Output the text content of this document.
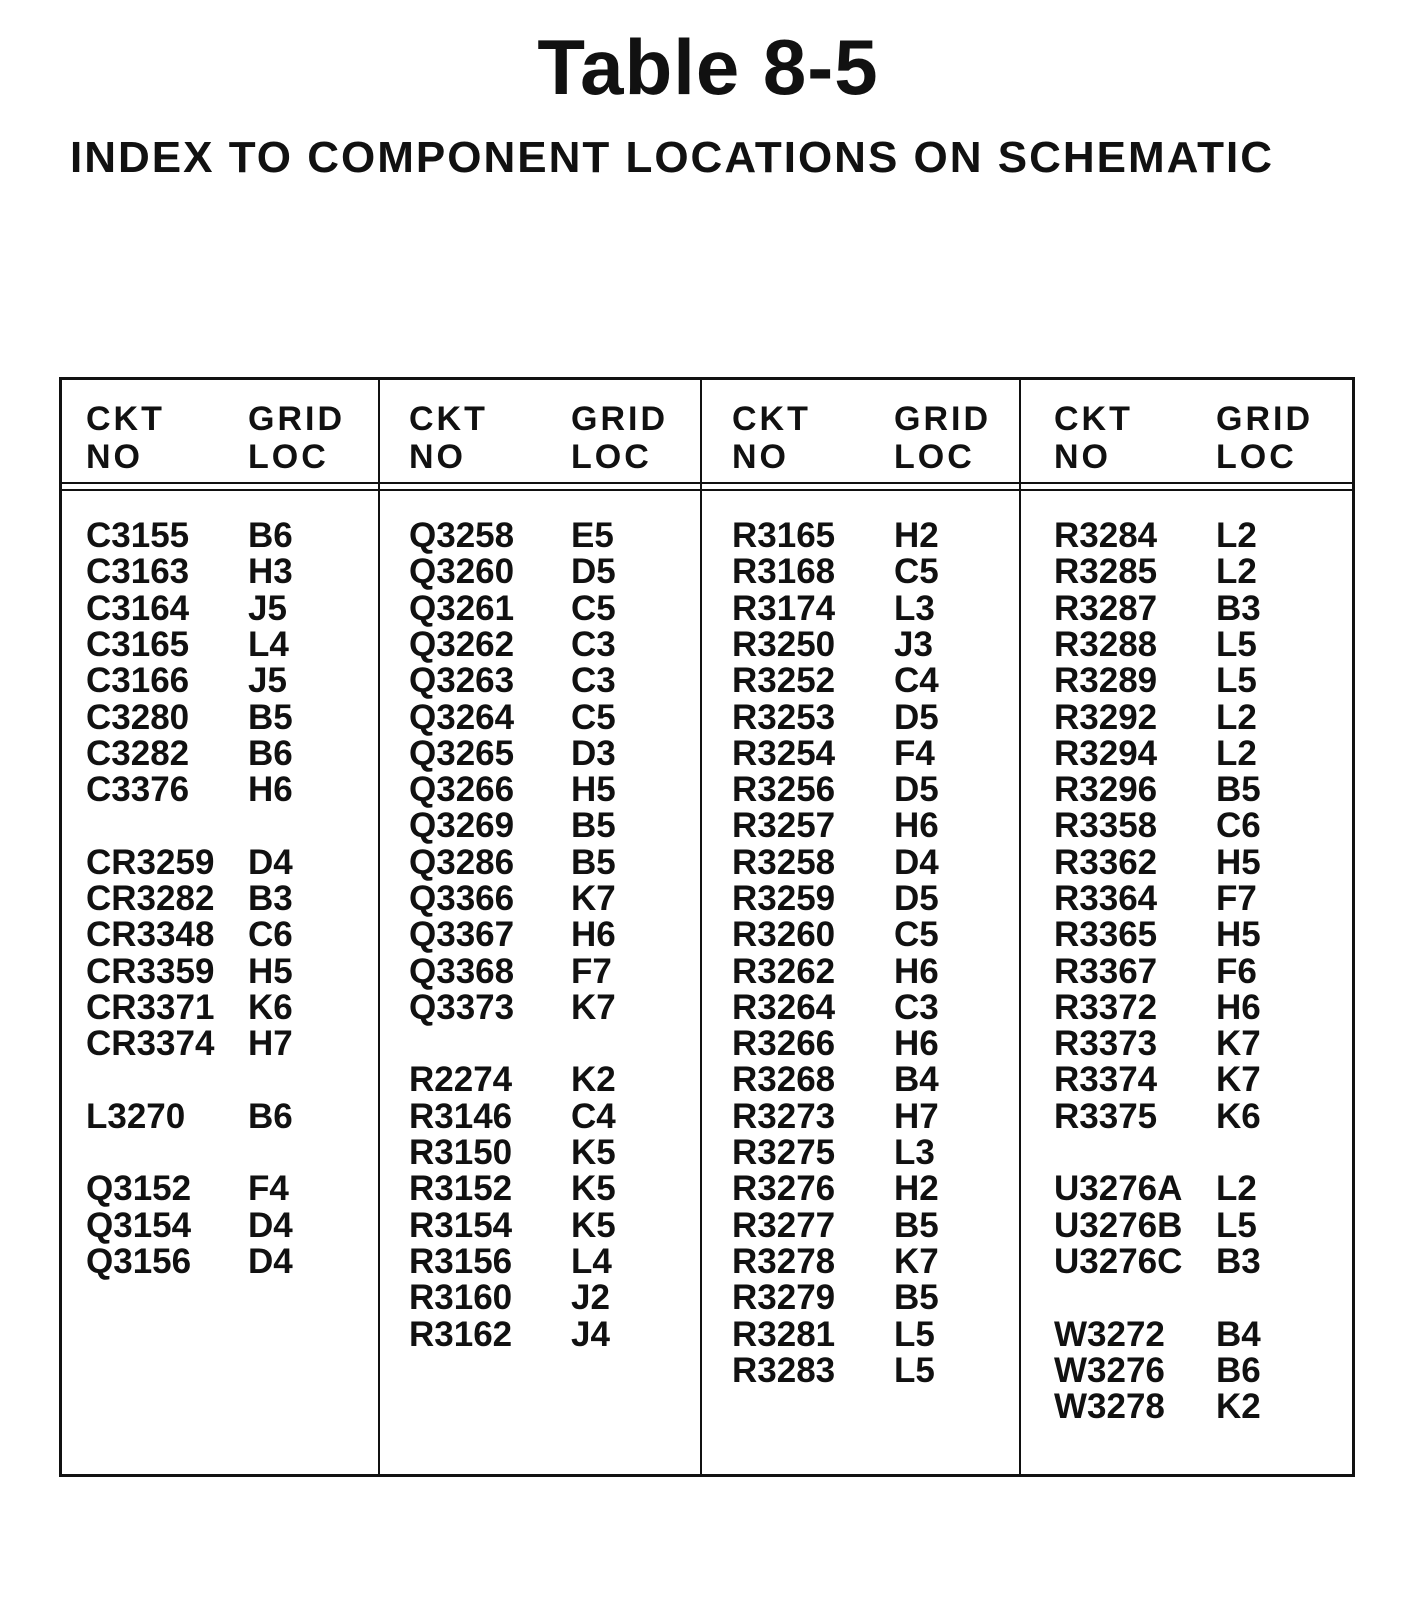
Table 8-5
INDEX TO COMPONENT LOCATIONS ON SCHEMATIC
CKT
NO
GRID
LOC
C3155 B6
C3163 H3
C3164 J5
C3165 L4
C3166 J5
C3280 B5
C3282 B6
C3376 H6
CR3259 D4
CR3282 B3
CR3348 C6
CR3359 H5
CR3371 K6
CR3374 H7
L3270 B6
Q3152 F4
Q3154 D4
Q3156 D4
CKT
NO
GRID
LOC
Q3258 E5
Q3260 D5
Q3261 C5
Q3262 C3
Q3263 C3
Q3264 C5
Q3265 D3
Q3266 H5
Q3269 B5
Q3286 B5
Q3366 K7
Q3367 H6
Q3368 F7
Q3373 K7
R2274 K2
R3146 C4
R3150 K5
R3152 K5
R3154 K5
R3156 L4
R3160 J2
R3162 J4
CKT
NO
GRID
LOC
R3165 H2
R3168 C5
R3174 L3
R3250 J3
R3252 C4
R3253 D5
R3254 F4
R3256 D5
R3257 H6
R3258 D4
R3259 D5
R3260 C5
R3262 H6
R3264 C3
R3266 H6
R3268 B4
R3273 H7
R3275 L3
R3276 H2
R3277 B5
R3278 K7
R3279 B5
R3281 L5
R3283 L5
CKT
NO
GRID
LOC
R3284 L2
R3285 L2
R3287 B3
R3288 L5
R3289 L5
R3292 L2
R3294 L2
R3296 B5
R3358 C6
R3362 H5
R3364 F7
R3365 H5
R3367 F6
R3372 H6
R3373 K7
R3374 K7
R3375 K6
U3276A L2
U3276B L5
U3276C B3
W3272 B4
W3276 B6
W3278 K2
